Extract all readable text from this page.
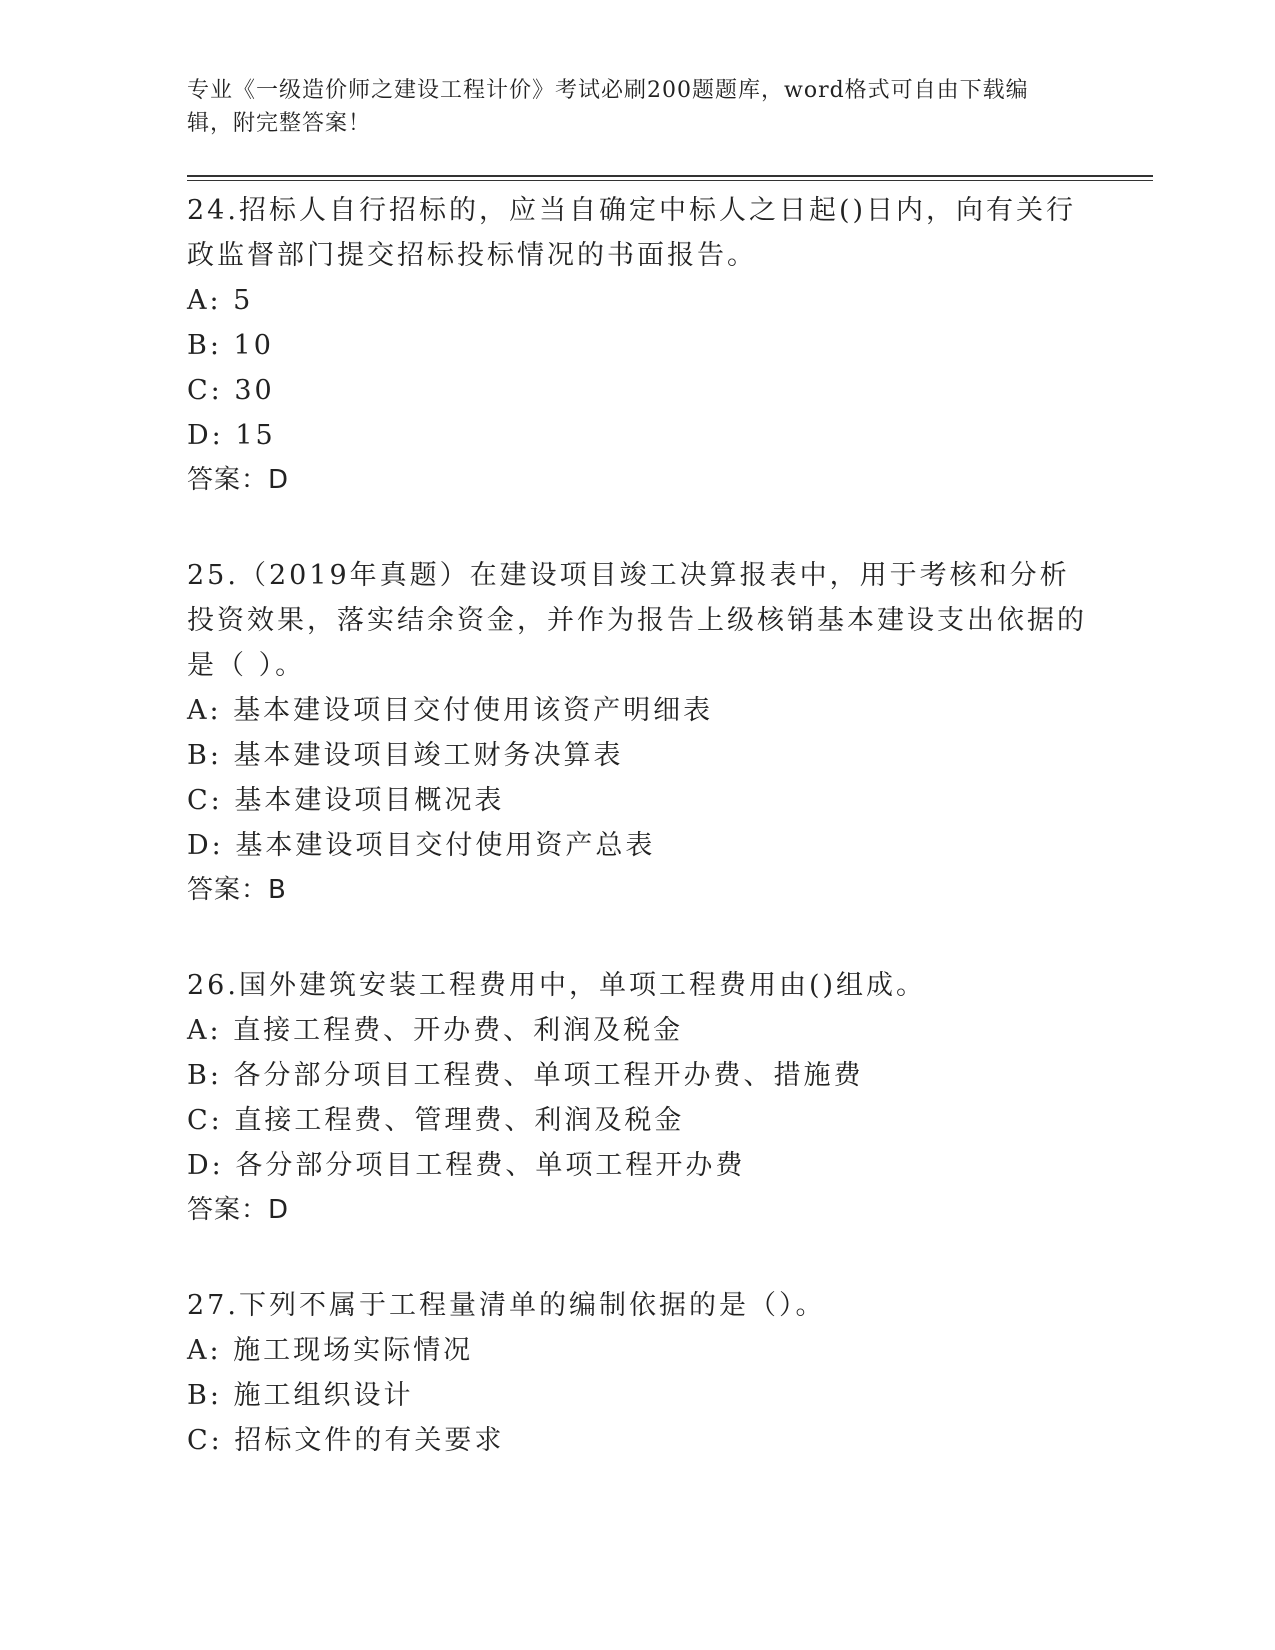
专业《一级造价师之建设工程计价》考试必刷200题题库，word格式可自由下载编辑，附完整答案！

24.招标人自行招标的，应当自确定中标人之日起()日内，向有关行政监督部门提交招标投标情况的书面报告。

A: 5

B: 10

C: 30

D: 15

答案：D

25.（2019年真题）在建设项目竣工决算报表中，用于考核和分析投资效果，落实结余资金，并作为报告上级核销基本建设支出依据的是（ ）。

A: 基本建设项目交付使用该资产明细表

B: 基本建设项目竣工财务决算表

C: 基本建设项目概况表

D: 基本建设项目交付使用资产总表

答案：B

26.国外建筑安装工程费用中，单项工程费用由()组成。

A: 直接工程费、开办费、利润及税金

B: 各分部分项目工程费、单项工程开办费、措施费

C: 直接工程费、管理费、利润及税金

D: 各分部分项目工程费、单项工程开办费

答案：D

27.下列不属于工程量清单的编制依据的是（）。

A: 施工现场实际情况

B: 施工组织设计

C: 招标文件的有关要求
